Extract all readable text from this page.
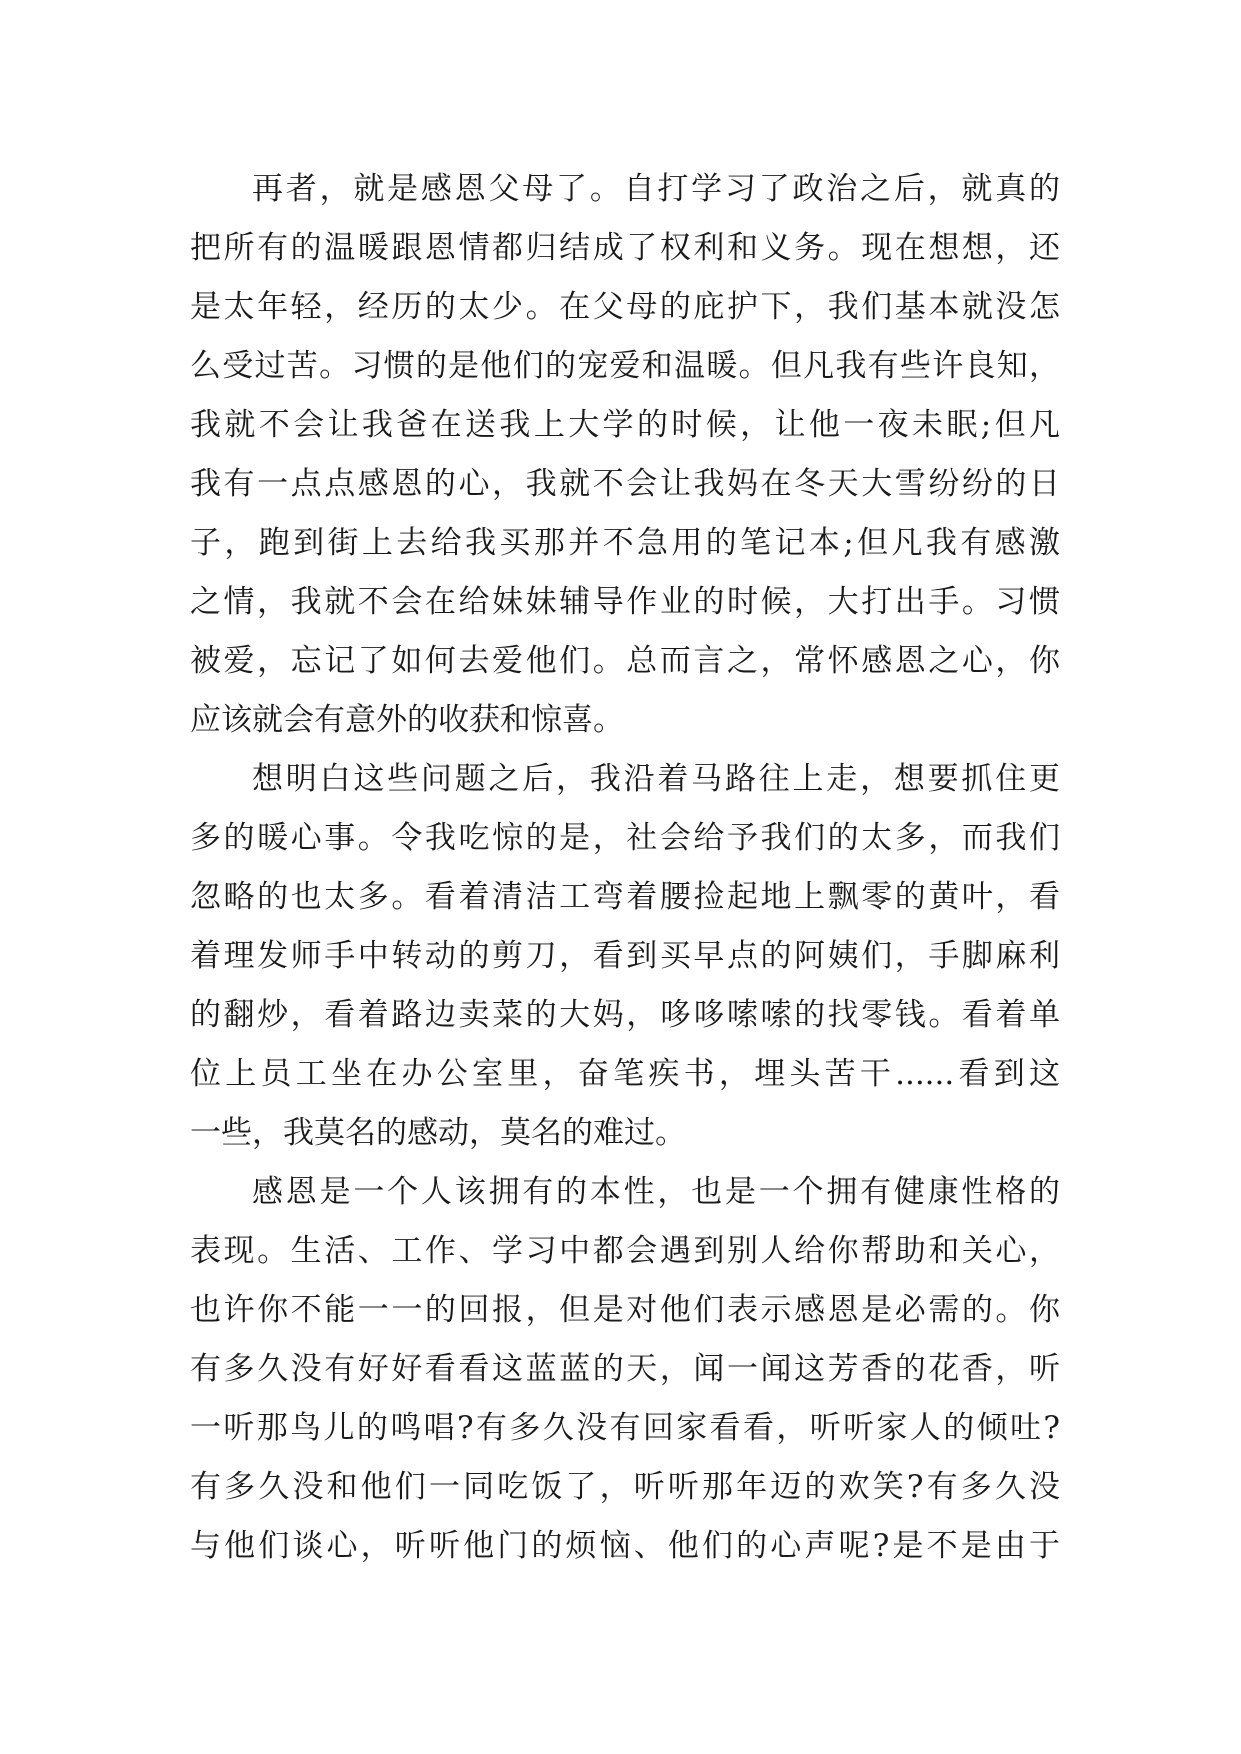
再者，就是感恩父母了。自打学习了政治之后，就真的
把所有的温暖跟恩情都归结成了权利和义务。现在想想，还
是太年轻，经历的太少。在父母的庇护下，我们基本就没怎
么受过苦。习惯的是他们的宠爱和温暖。但凡我有些许良知，
我就不会让我爸在送我上大学的时候，让他一夜未眠;但凡
我有一点点感恩的心，我就不会让我妈在冬天大雪纷纷的日
子，跑到街上去给我买那并不急用的笔记本;但凡我有感激
之情，我就不会在给妹妹辅导作业的时候，大打出手。习惯
被爱，忘记了如何去爱他们。总而言之，常怀感恩之心，你
应该就会有意外的收获和惊喜。
想明白这些问题之后，我沿着马路往上走，想要抓住更
多的暖心事。令我吃惊的是，社会给予我们的太多，而我们
忽略的也太多。看着清洁工弯着腰捡起地上飘零的黄叶，看
着理发师手中转动的剪刀，看到买早点的阿姨们，手脚麻利
的翻炒，看着路边卖菜的大妈，哆哆嗦嗦的找零钱。看着单
位上员工坐在办公室里，奋笔疾书，埋头苦干......看到这
一些，我莫名的感动，莫名的难过。
感恩是一个人该拥有的本性，也是一个拥有健康性格的
表现。生活、工作、学习中都会遇到别人给你帮助和关心，
也许你不能一一的回报，但是对他们表示感恩是必需的。你
有多久没有好好看看这蓝蓝的天，闻一闻这芳香的花香，听
一听那鸟儿的鸣唱?有多久没有回家看看，听听家人的倾吐?
有多久没和他们一同吃饭了，听听那年迈的欢笑?有多久没
与他们谈心，听听他门的烦恼、他们的心声呢?是不是由于
